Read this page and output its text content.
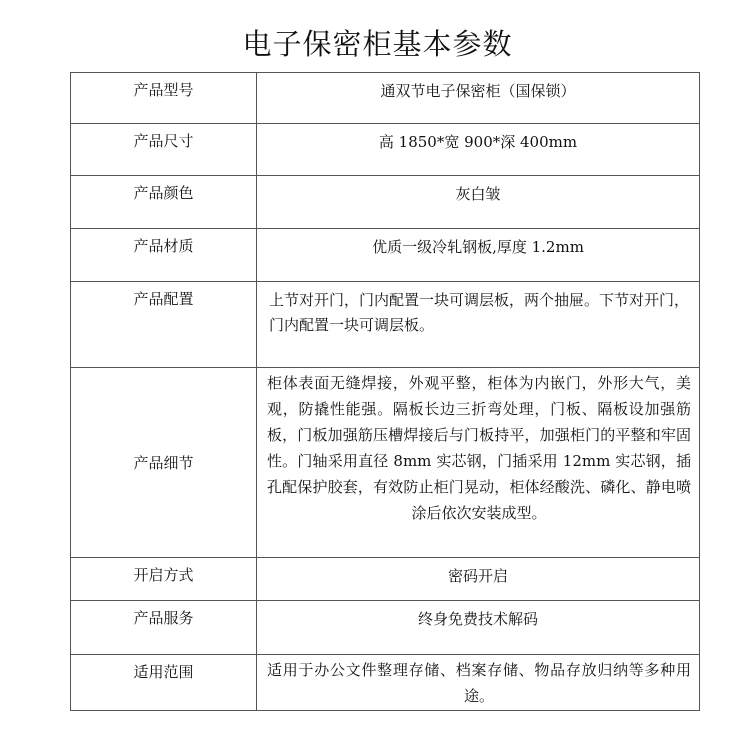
电子保密柜基本参数
产品型号	通双节电子保密柜（国保锁）
产品尺寸	高 1850*宽 900*深 400mm
产品颜色	灰白皱
产品材质	优质一级冷轧钢板,厚度 1.2mm
产品配置	上节对开门，门内配置一块可调层板，两个抽屉。下节对开门，门内配置一块可调层板。
产品细节	柜体表面无缝焊接，外观平整，柜体为内嵌门，外形大气，美观，防撬性能强。隔板长边三折弯处理，门板、隔板设加强筋板，门板加强筋压槽焊接后与门板持平，加强柜门的平整和牢固性。门轴采用直径 8mm 实芯钢，门插采用 12mm 实芯钢，插孔配保护胶套，有效防止柜门晃动，柜体经酸洗、磷化、静电喷涂后依次安装成型。
开启方式	密码开启
产品服务	终身免费技术解码
适用范围	适用于办公文件整理存储、档案存储、物品存放归纳等多种用途。
